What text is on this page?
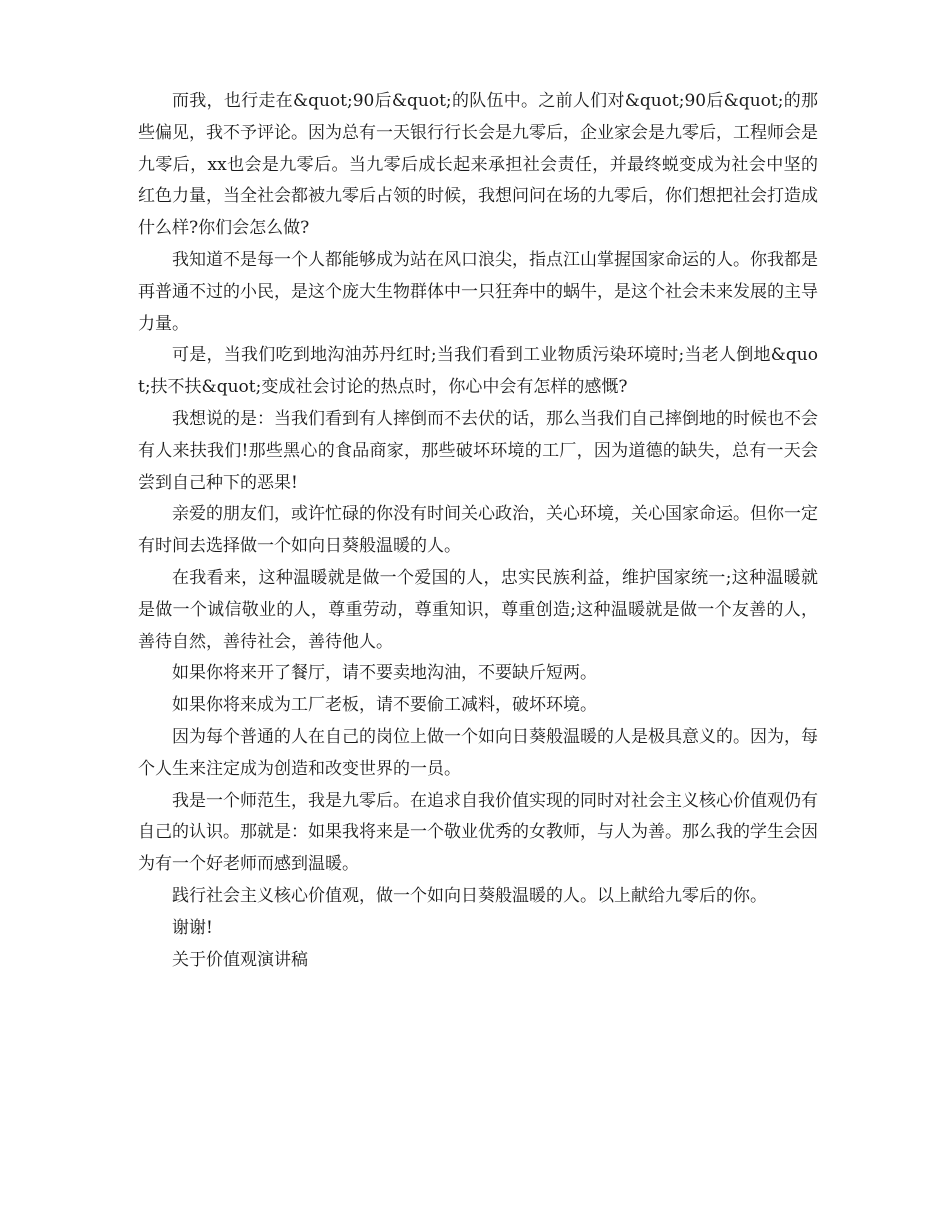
而我，也行走在&quot;90后&quot;的队伍中。之前人们对&quot;90后&quot;的那些偏见，我不予评论。因为总有一天银行行长会是九零后，企业家会是九零后，工程师会是九零后，xx也会是九零后。当九零后成长起来承担社会责任，并最终蜕变成为社会中坚的红色力量，当全社会都被九零后占领的时候，我想问问在场的九零后，你们想把社会打造成什么样?你们会怎么做?

我知道不是每一个人都能够成为站在风口浪尖，指点江山掌握国家命运的人。你我都是再普通不过的小民，是这个庞大生物群体中一只狂奔中的蜗牛，是这个社会未来发展的主导力量。

可是，当我们吃到地沟油苏丹红时;当我们看到工业物质污染环境时;当老人倒地&quot;扶不扶&quot;变成社会讨论的热点时，你心中会有怎样的感慨?

我想说的是：当我们看到有人摔倒而不去伏的话，那么当我们自己摔倒地的时候也不会有人来扶我们!那些黑心的食品商家，那些破坏环境的工厂，因为道德的缺失，总有一天会尝到自己种下的恶果!

亲爱的朋友们，或许忙碌的你没有时间关心政治，关心环境，关心国家命运。但你一定有时间去选择做一个如向日葵般温暖的人。

在我看来，这种温暖就是做一个爱国的人，忠实民族利益，维护国家统一;这种温暖就是做一个诚信敬业的人，尊重劳动，尊重知识，尊重创造;这种温暖就是做一个友善的人，善待自然，善待社会，善待他人。

如果你将来开了餐厅，请不要卖地沟油，不要缺斤短两。

如果你将来成为工厂老板，请不要偷工减料，破坏环境。

因为每个普通的人在自己的岗位上做一个如向日葵般温暖的人是极具意义的。因为，每个人生来注定成为创造和改变世界的一员。

我是一个师范生，我是九零后。在追求自我价值实现的同时对社会主义核心价值观仍有自己的认识。那就是：如果我将来是一个敬业优秀的女教师，与人为善。那么我的学生会因为有一个好老师而感到温暖。

践行社会主义核心价值观，做一个如向日葵般温暖的人。以上献给九零后的你。

谢谢!

关于价值观演讲稿
